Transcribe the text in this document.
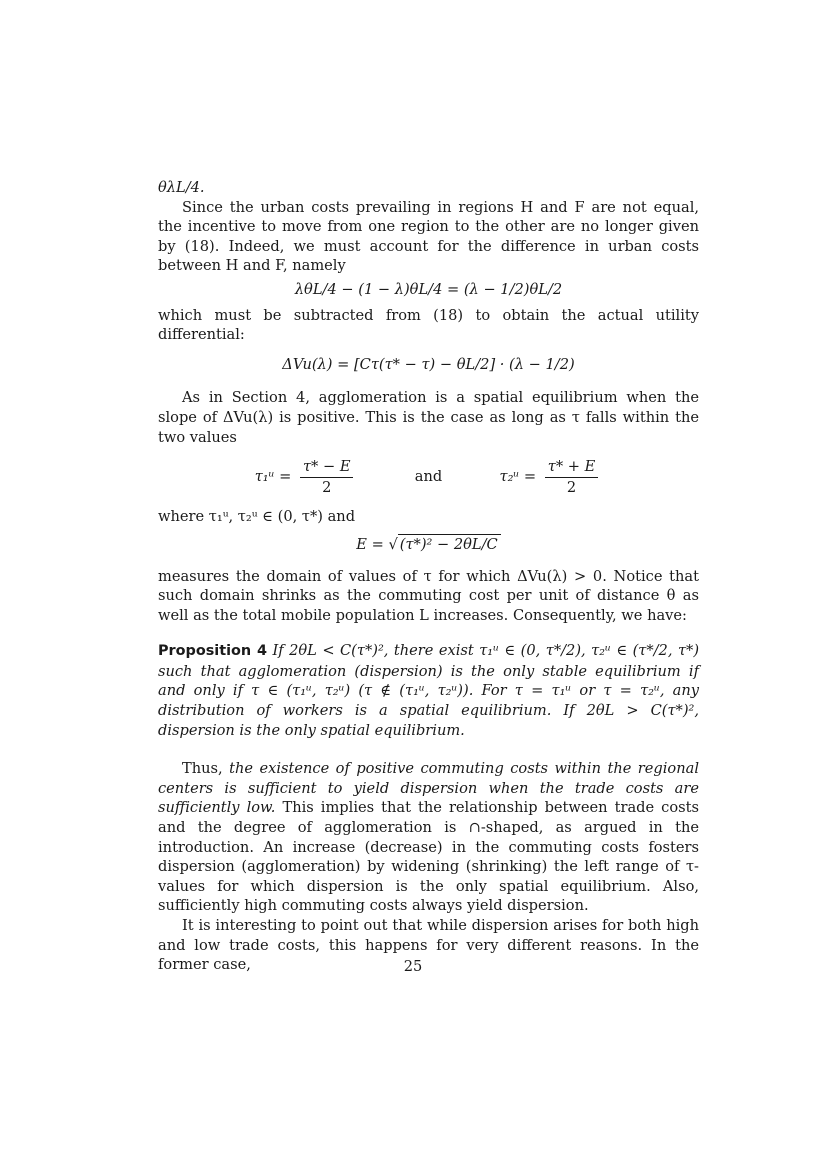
θλL/4.

Since the urban costs prevailing in regions H and F are not equal, the incentive to move from one region to the other are no longer given by (18). Indeed, we must account for the difference in urban costs between H and F, namely

λθL/4 − (1 − λ)θL/4 = (λ − 1/2)θL/2

which must be subtracted from (18) to obtain the actual utility differential:

ΔVu(λ) = [Cτ(τ* − τ) − θL/2] · (λ − 1/2)

As in Section 4, agglomeration is a spatial equilibrium when the slope of ΔVu(λ) is positive. This is the case as long as τ falls within the two values

τ₁ᵘ = $\frac{\tau* - E}{2}$	and	τ₂ᵘ = $\frac{\tau* + E}{2}$

where τ₁ᵘ, τ₂ᵘ ∈ (0, τ*) and

E = √ (τ*)² − 2θL/C

measures the domain of values of τ for which ΔVu(λ) > 0. Notice that such domain shrinks as the commuting cost per unit of distance θ as well as the total mobile population L increases. Consequently, we have:

Proposition 4 If 2θL < C(τ*)², there exist τ₁ᵘ ∈ (0, τ*/2), τ₂ᵘ ∈ (τ*/2, τ*) such that agglomeration (dispersion) is the only stable equilibrium if and only if τ ∈ (τ₁ᵘ, τ₂ᵘ) (τ ∉ (τ₁ᵘ, τ₂ᵘ)). For τ = τ₁ᵘ or τ = τ₂ᵘ, any distribution of workers is a spatial equilibrium. If 2θL > C(τ*)², dispersion is the only spatial equilibrium.

Thus, the existence of positive commuting costs within the regional centers is sufficient to yield dispersion when the trade costs are sufficiently low. This implies that the relationship between trade costs and the degree of agglomeration is ∩-shaped, as argued in the introduction. An increase (decrease) in the commuting costs fosters dispersion (agglomeration) by widening (shrinking) the left range of τ-values for which dispersion is the only spatial equilibrium. Also, sufficiently high commuting costs always yield dispersion.

It is interesting to point out that while dispersion arises for both high and low trade costs, this happens for very different reasons. In the former case,	25
